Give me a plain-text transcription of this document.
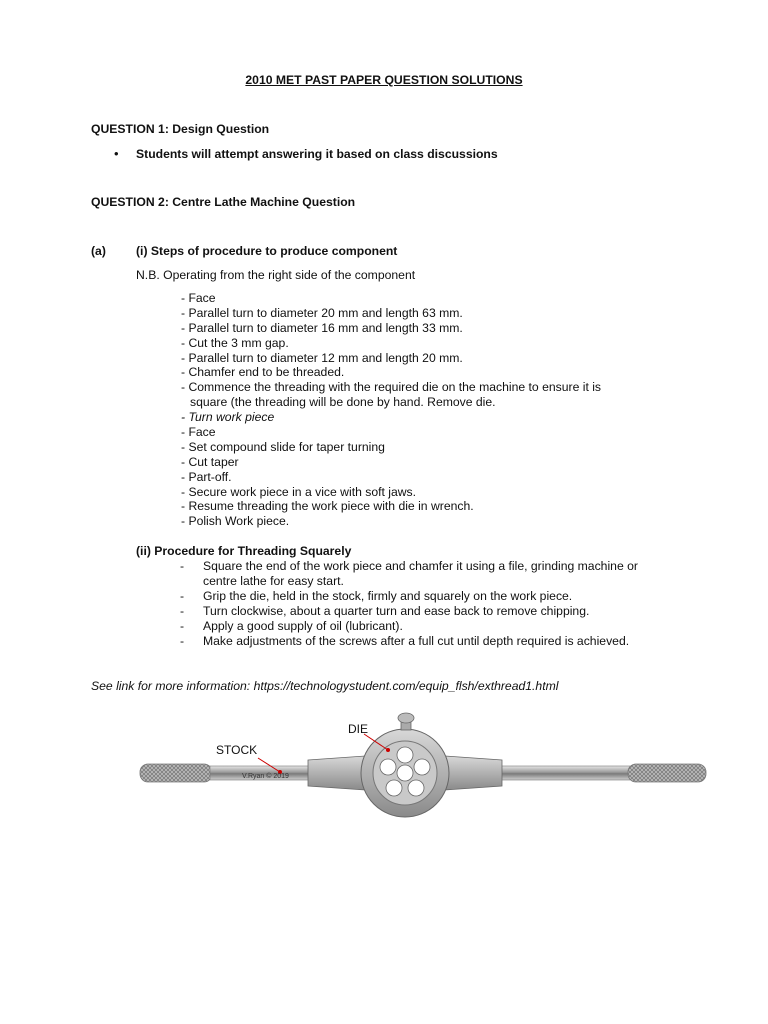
2010 MET PAST PAPER QUESTION SOLUTIONS
QUESTION 1: Design Question
• Students will attempt answering it based on class discussions
QUESTION 2: Centre Lathe Machine Question
(a) (i) Steps of procedure to produce component
N.B. Operating from the right side of the component
- Face
- Parallel turn to diameter 20 mm and length 63 mm.
- Parallel turn to diameter 16 mm and length 33 mm.
- Cut the 3 mm gap.
- Parallel turn to diameter 12 mm and length 20 mm.
- Chamfer end to be threaded.
- Commence the threading with the required die on the machine to ensure it is
square (the threading will be done by hand. Remove die.
- Turn work piece
- Face
- Set compound slide for taper turning
- Cut taper
- Part-off.
- Secure work piece in a vice with soft jaws.
- Resume threading the work piece with die in wrench.
- Polish Work piece.
(ii) Procedure for Threading Squarely
-	Square the end of the work piece and chamfer it using a file, grinding machine or centre lathe for easy start.
-	Grip the die, held in the stock, firmly and squarely on the work piece.
-	Turn clockwise, about a quarter turn and ease back to remove chipping.
-	Apply a good supply of oil (lubricant).
-	Make adjustments of the screws after a full cut until depth required is achieved.
See link for more information: https://technologystudent.com/equip_flsh/exthread1.html
DIE
STOCK
V.Ryan © 2019
